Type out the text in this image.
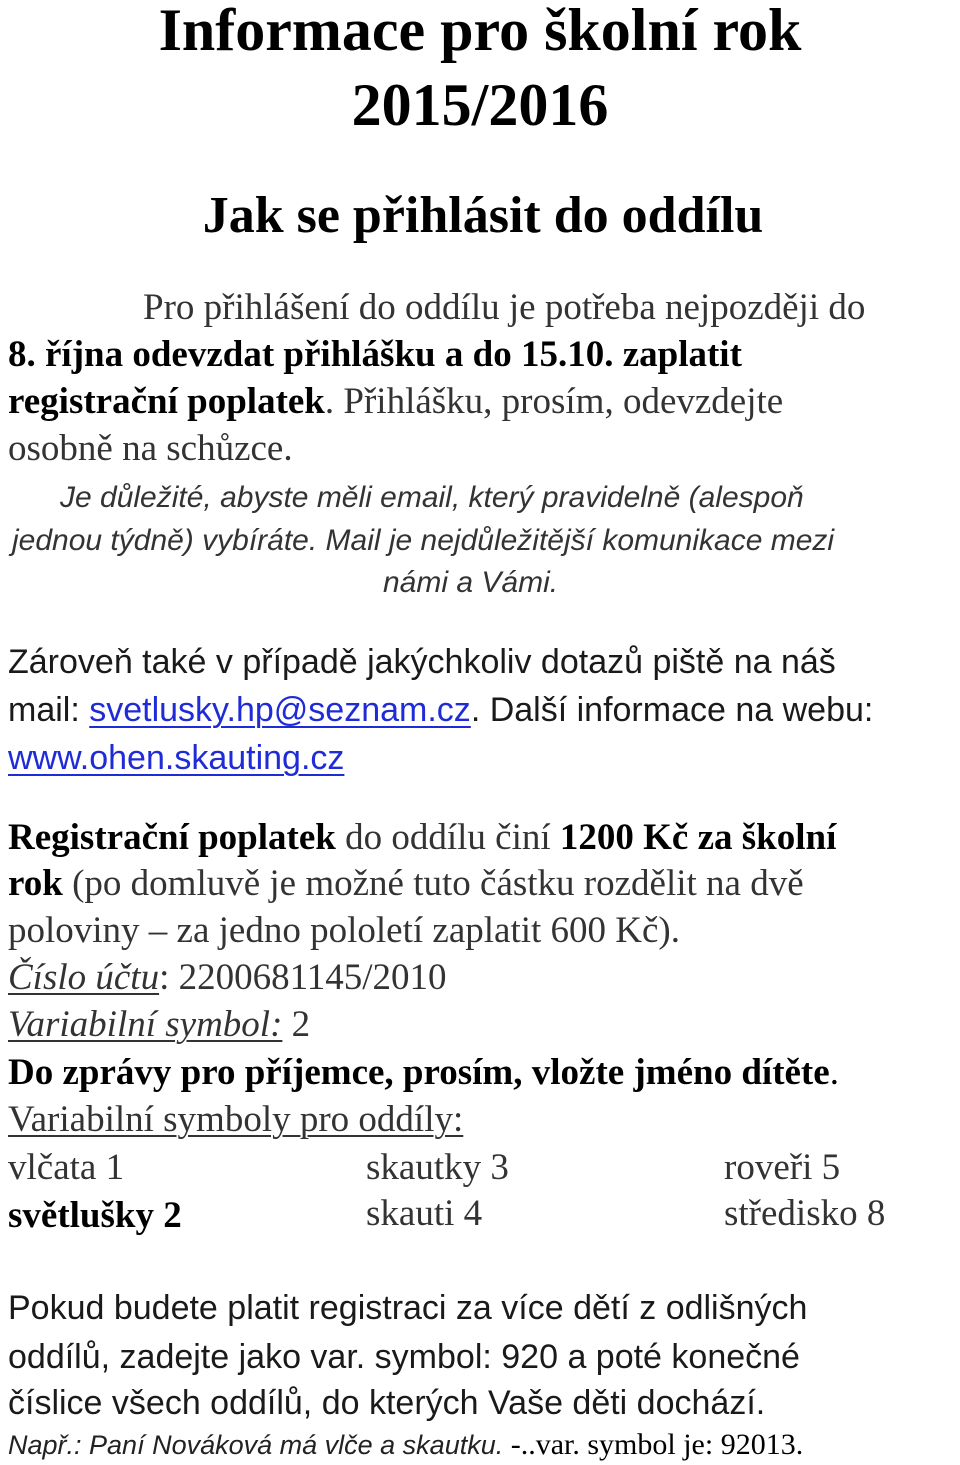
Informace pro školní rok
2015/2016
Jak se přihlásit do oddílu

Pro přihlášení do oddílu je potřeba nejpozději do

8. října odevzdat přihlášku a do 15.10. zaplatit

registrační poplatek. Přihlášku, prosím, odevzdejte

osobně na schůzce.

Je důležité, abyste měli email, který pravidelně (alespoň

jednou týdně) vybíráte. Mail je nejdůležitější komunikace mezi

námi a Vámi.

Zároveň také v případě jakýchkoliv dotazů piště na náš

mail: svetlusky.hp@seznam.cz. Další informace na webu:

www.ohen.skauting.cz

Registrační poplatek do oddílu činí 1200 Kč za školní

rok (po domluvě je možné tuto částku rozdělit na dvě

poloviny – za jedno pololetí zaplatit 600 Kč).

Číslo účtu: 2200681145/2010

Variabilní symbol: 2

Do zprávy pro příjemce, prosím, vložte jméno dítěte.

Variabilní symboly pro oddíly:

vlčata 1	skautky 3	roveři 5
světlušky 2	skauti 4	středisko 8

Pokud budete platit registraci za více dětí z odlišných

oddílů, zadejte jako var. symbol: 920 a poté konečné

číslice všech oddílů, do kterých Vaše děti dochází.

Např.: Paní Nováková má vlče a skautku. -..var. symbol je: 92013.
